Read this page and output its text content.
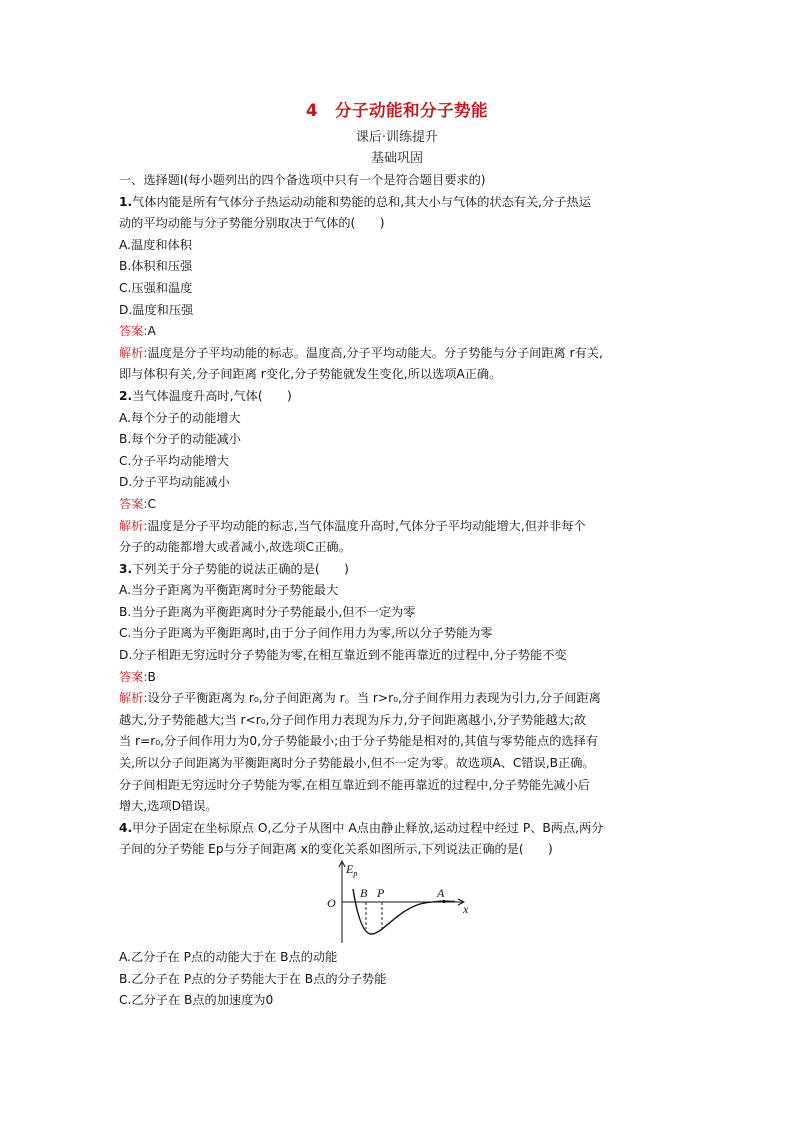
4　分子动能和分子势能
课后·训练提升
基础巩固
一、选择题Ⅰ(每小题列出的四个备选项中只有一个是符合题目要求的)
1.气体内能是所有气体分子热运动动能和势能的总和,其大小与气体的状态有关,分子热运
动的平均动能与分子势能分别取决于气体的(　　)
A.温度和体积
B.体积和压强
C.压强和温度
D.温度和压强
答案:A
解析:温度是分子平均动能的标志。温度高,分子平均动能大。分子势能与分子间距离 r有关,
即与体积有关,分子间距离 r变化,分子势能就发生变化,所以选项A正确。
2.当气体温度升高时,气体(　　)
A.每个分子的动能增大
B.每个分子的动能减小
C.分子平均动能增大
D.分子平均动能减小
答案:C
解析:温度是分子平均动能的标志,当气体温度升高时,气体分子平均动能增大,但并非每个
分子的动能都增大或者减小,故选项C正确。
3.下列关于分子势能的说法正确的是(　　)
A.当分子距离为平衡距离时分子势能最大
B.当分子距离为平衡距离时分子势能最小,但不一定为零
C.当分子距离为平衡距离时,由于分子间作用力为零,所以分子势能为零
D.分子相距无穷远时分子势能为零,在相互靠近到不能再靠近的过程中,分子势能不变
答案:B
解析:设分子平衡距离为 r₀,分子间距离为 r。当 r>r₀,分子间作用力表现为引力,分子间距离
越大,分子势能越大;当 r<r₀,分子间作用力表现为斥力,分子间距离越小,分子势能越大;故
当 r=r₀,分子间作用力为0,分子势能最小;由于分子势能是相对的,其值与零势能点的选择有
关,所以分子间距离为平衡距离时分子势能最小,但不一定为零。故选项A、C错误,B正确。
分子间相距无穷远时分子势能为零,在相互靠近到不能再靠近的过程中,分子势能先减小后
增大,选项D错误。
4.甲分子固定在坐标原点 O,乙分子从图中 A点由静止释放,运动过程中经过 P、B两点,两分
子间的分子势能 Ep与分子间距离 x的变化关系如图所示,下列说法正确的是(　　)
$E_p$
O
B P	A
x
A.乙分子在 P点的动能大于在 B点的动能
B.乙分子在 P点的分子势能大于在 B点的分子势能
C.乙分子在 B点的加速度为0
